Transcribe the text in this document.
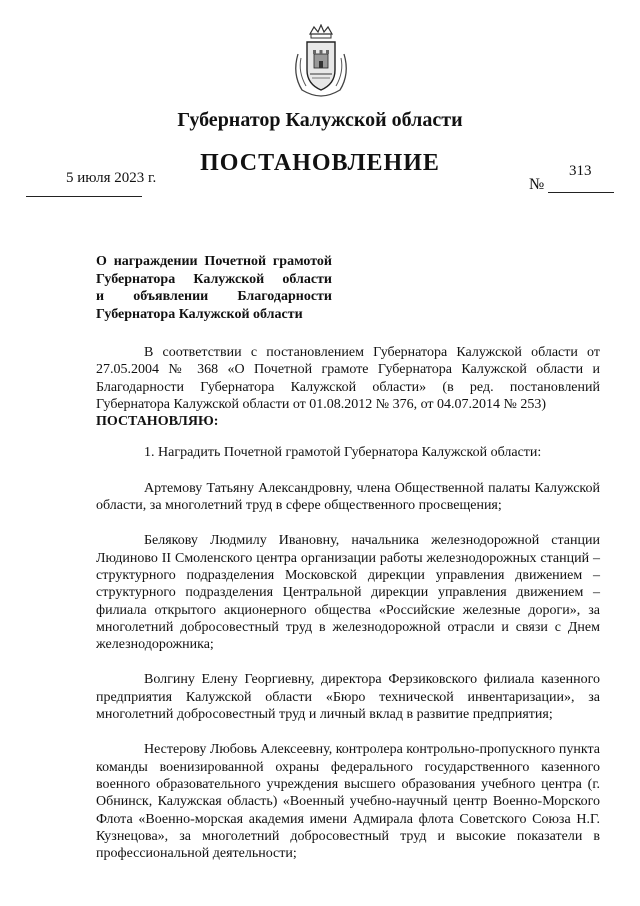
Губернатор Калужской области
ПОСТАНОВЛЕНИЕ
5 июля 2023 г.	313
№
О награждении Почетной грамотой
Губернатора Калужской области
и объявлении Благодарности
Губернатора Калужской области

В соответствии с постановлением Губернатора Калужской области от 27.05.2004 № 368 «О Почетной грамоте Губернатора Калужской области и Благодарности Губернатора Калужской области» (в ред. постановлений Губернатора Калужской области от 01.08.2012 № 376, от 04.07.2014 № 253)

ПОСТАНОВЛЯЮ:

1. Наградить Почетной грамотой Губернатора Калужской области:

Артемову Татьяну Александровну, члена Общественной палаты Калужской области, за многолетний труд в сфере общественного просвещения;

Белякову Людмилу Ивановну, начальника железнодорожной станции Людиново II Смоленского центра организации работы железнодорожных станций – структурного подразделения Московской дирекции управления движением – структурного подразделения Центральной дирекции управления движением – филиала открытого акционерного общества «Российские железные дороги», за многолетний добросовестный труд в железнодорожной отрасли и связи с Днем железнодорожника;

Волгину Елену Георгиевну, директора Ферзиковского филиала казенного предприятия Калужской области «Бюро технической инвентаризации», за многолетний добросовестный труд и личный вклад в развитие предприятия;

Нестерову Любовь Алексеевну, контролера контрольно-пропускного пункта команды военизированной охраны федерального государственного казенного военного образовательного учреждения высшего образования учебного центра (г. Обнинск, Калужская область) «Военный учебно-научный центр Военно-Морского Флота «Военно-морская академия имени Адмирала флота Советского Союза Н.Г. Кузнецова», за многолетний добросовестный труд и высокие показатели в профессиональной деятельности;
